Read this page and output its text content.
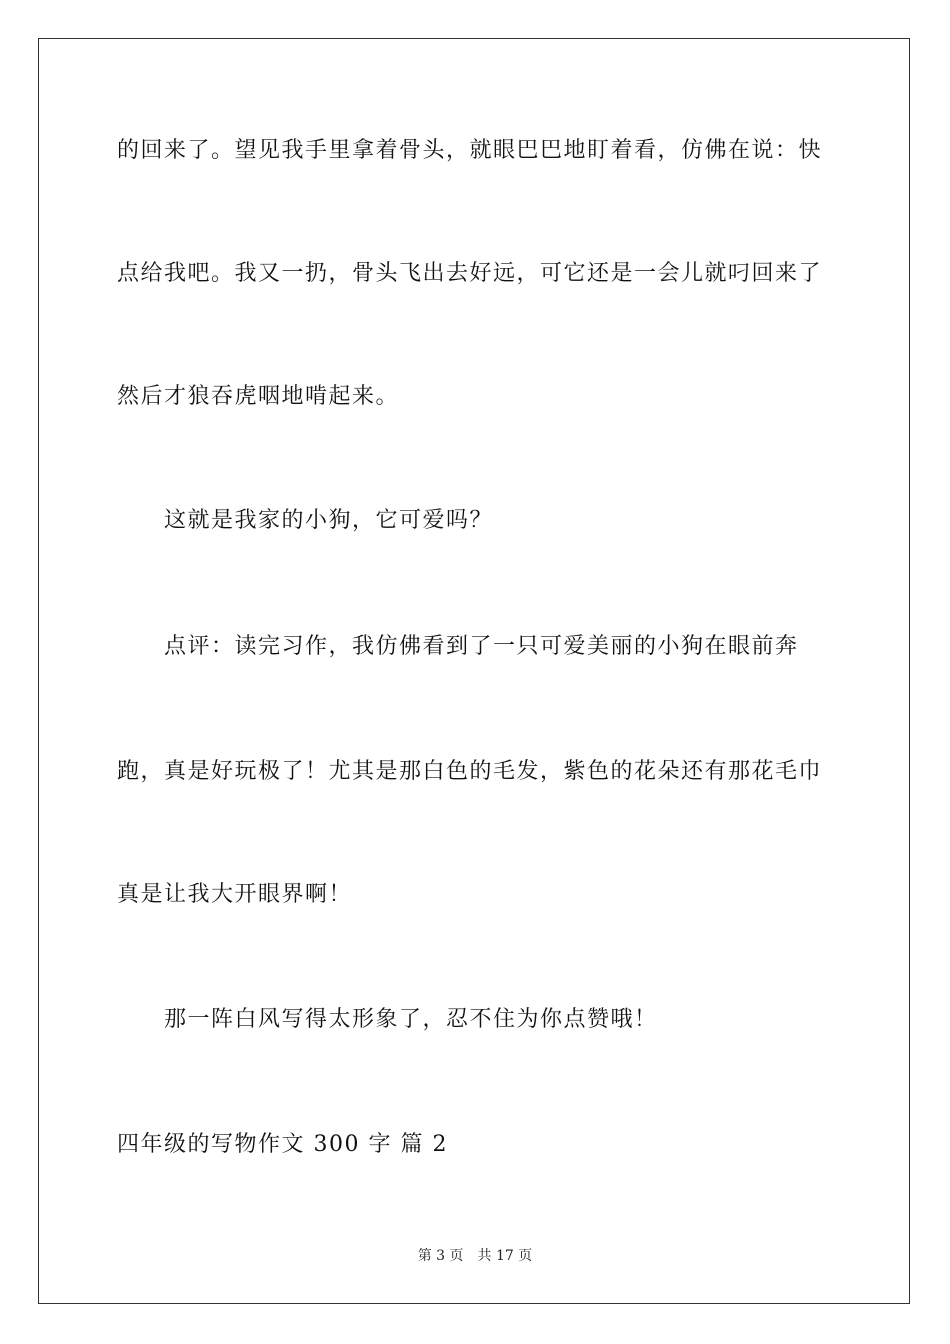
的回来了。望见我手里拿着骨头，就眼巴巴地盯着看，仿佛在说：快
点给我吧。我又一扔，骨头飞出去好远，可它还是一会儿就叼回来了
然后才狼吞虎咽地啃起来。
这就是我家的小狗，它可爱吗？
点评：读完习作，我仿佛看到了一只可爱美丽的小狗在眼前奔
跑，真是好玩极了！尤其是那白色的毛发，紫色的花朵还有那花毛巾
真是让我大开眼界啊！
那一阵白风写得太形象了，忍不住为你点赞哦！
四年级的写物作文 300 字 篇 2
第 3 页 共 17 页
